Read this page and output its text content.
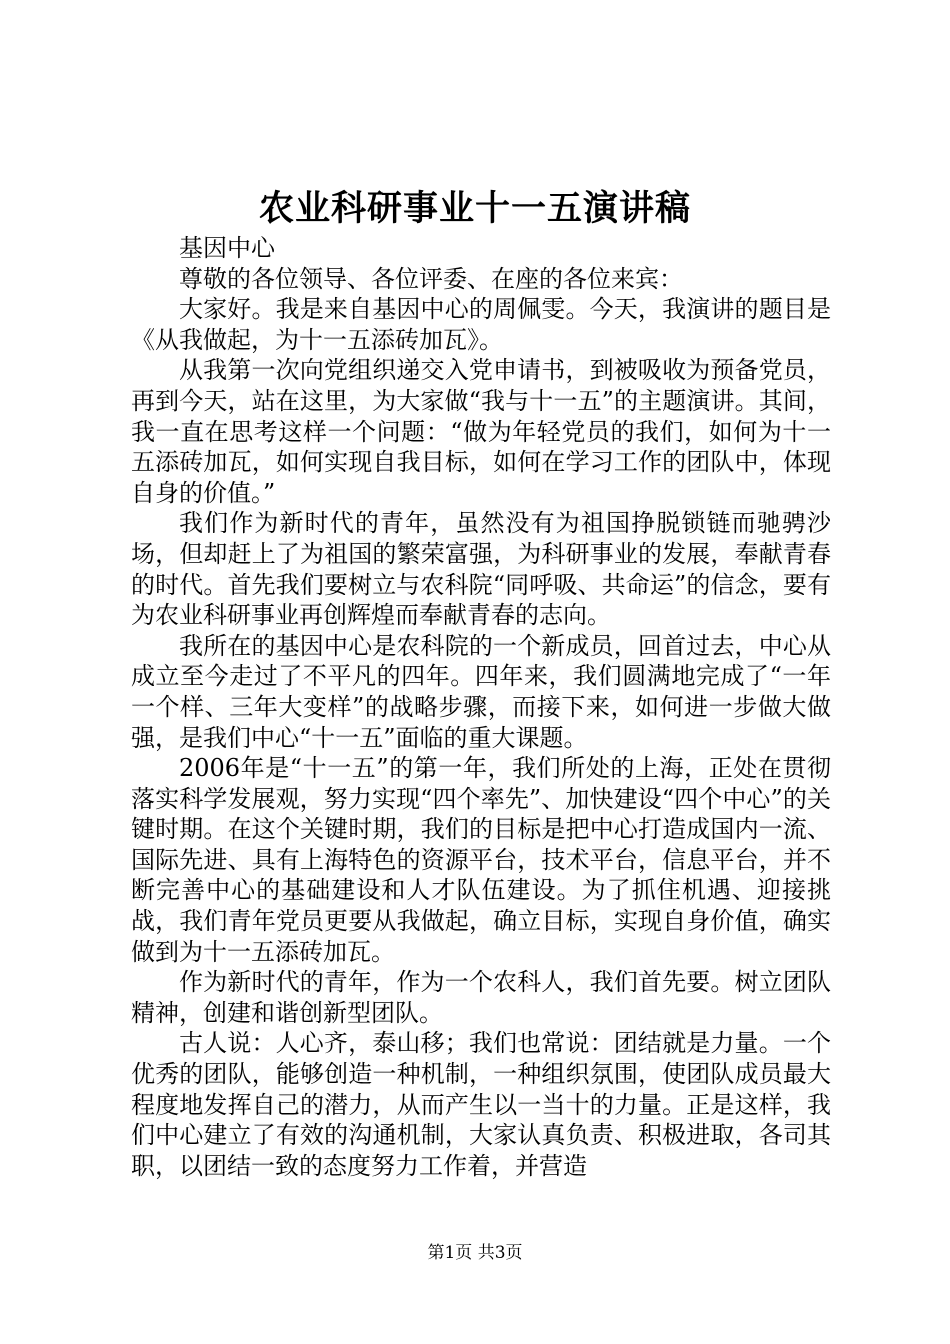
农业科研事业十一五演讲稿

基因中心

尊敬的各位领导、各位评委、在座的各位来宾：

大家好。我是来自基因中心的周佩雯。今天，我演讲的题目是《从我做起，为十一五添砖加瓦》。

从我第一次向党组织递交入党申请书，到被吸收为预备党员，再到今天，站在这里，为大家做“我与十一五”的主题演讲。其间，我一直在思考这样一个问题：“做为年轻党员的我们，如何为十一五添砖加瓦，如何实现自我目标，如何在学习工作的团队中，体现自身的价值。”

我们作为新时代的青年，虽然没有为祖国挣脱锁链而驰骋沙场，但却赶上了为祖国的繁荣富强，为科研事业的发展，奉献青春的时代。首先我们要树立与农科院“同呼吸、共命运”的信念，要有为农业科研事业再创辉煌而奉献青春的志向。

我所在的基因中心是农科院的一个新成员，回首过去，中心从成立至今走过了不平凡的四年。四年来，我们圆满地完成了“一年一个样、三年大变样”的战略步骤，而接下来，如何进一步做大做强，是我们中心“十一五”面临的重大课题。

2006年是“十一五”的第一年，我们所处的上海，正处在贯彻落实科学发展观，努力实现“四个率先”、加快建设“四个中心”的关键时期。在这个关键时期，我们的目标是把中心打造成国内一流、国际先进、具有上海特色的资源平台，技术平台，信息平台，并不断完善中心的基础建设和人才队伍建设。为了抓住机遇、迎接挑战，我们青年党员更要从我做起，确立目标，实现自身价值，确实做到为十一五添砖加瓦。

作为新时代的青年，作为一个农科人，我们首先要。树立团队精神，创建和谐创新型团队。

古人说：人心齐，泰山移；我们也常说：团结就是力量。一个优秀的团队，能够创造一种机制，一种组织氛围，使团队成员最大程度地发挥自己的潜力，从而产生以一当十的力量。正是这样，我们中心建立了有效的沟通机制，大家认真负责、积极进取，各司其职，以团结一致的态度努力工作着，并营造

第1页 共3页
